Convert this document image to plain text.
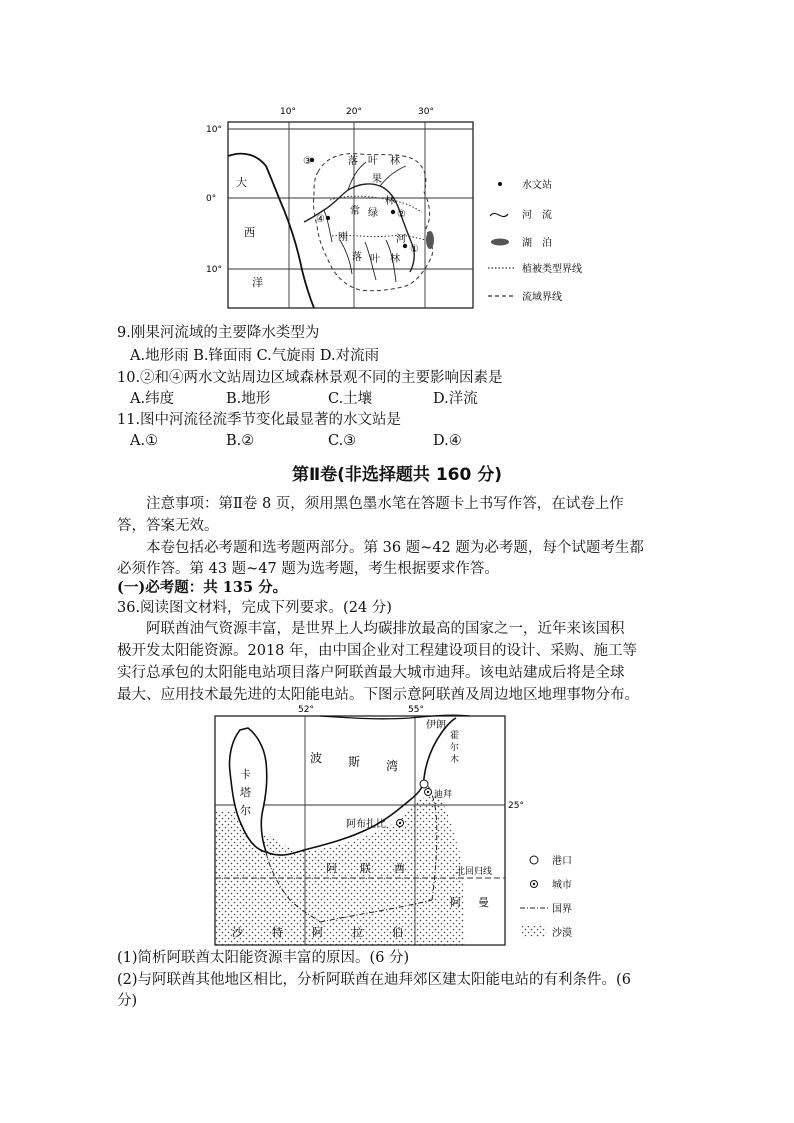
10°	20°	30°
10°
0°
10°
大
西
洋
落 叶 林
常 绿
林
落 叶 林
刚
果
河
①
②
③
④
水文站
河　流
湖　泊
植被类型界线
流域界线
9.刚果河流域的主要降水类型为
A.地形雨 B.锋面雨 C.气旋雨 D.对流雨
10.②和④两水文站周边区域森林景观不同的主要影响因素是
A.纬度	B.地形	C.土壤	D.洋流
11.图中河流径流季节变化最显著的水文站是
A.①	B.②	C.③	D.④
第Ⅱ卷(非选择题共 160 分)
注意事项：第Ⅱ卷 8 页，须用黑色墨水笔在答题卡上书写作答，在试卷上作
答，答案无效。
本卷包括必考题和选考题两部分。第 36 题~42 题为必考题，每个试题考生都
必须作答。第 43 题~47 题为选考题，考生根据要求作答。
(一)必考题：共 135 分。
36.阅读图文材料，完成下列要求。(24 分)
阿联酋油气资源丰富，是世界上人均碳排放最高的国家之一，近年来该国积
极开发太阳能资源。2018 年，由中国企业对工程建设项目的设计、采购、施工等
实行总承包的太阳能电站项目落户阿联酋最大城市迪拜。该电站建成后将是全球
最大、应用技术最先进的太阳能电站。下图示意阿联酋及周边地区地理事物分布。
52°	55°
25°
伊朗
波 斯 湾
卡
塔
尔
霍
尔
木
迪拜
阿布扎比
阿 联 酋	北回归线
阿 曼
沙	特	阿	拉	伯
港口
城市
国界
沙漠
(1)简析阿联酋太阳能资源丰富的原因。(6 分)
(2)与阿联酋其他地区相比，分析阿联酋在迪拜郊区建太阳能电站的有利条件。(6
分)
